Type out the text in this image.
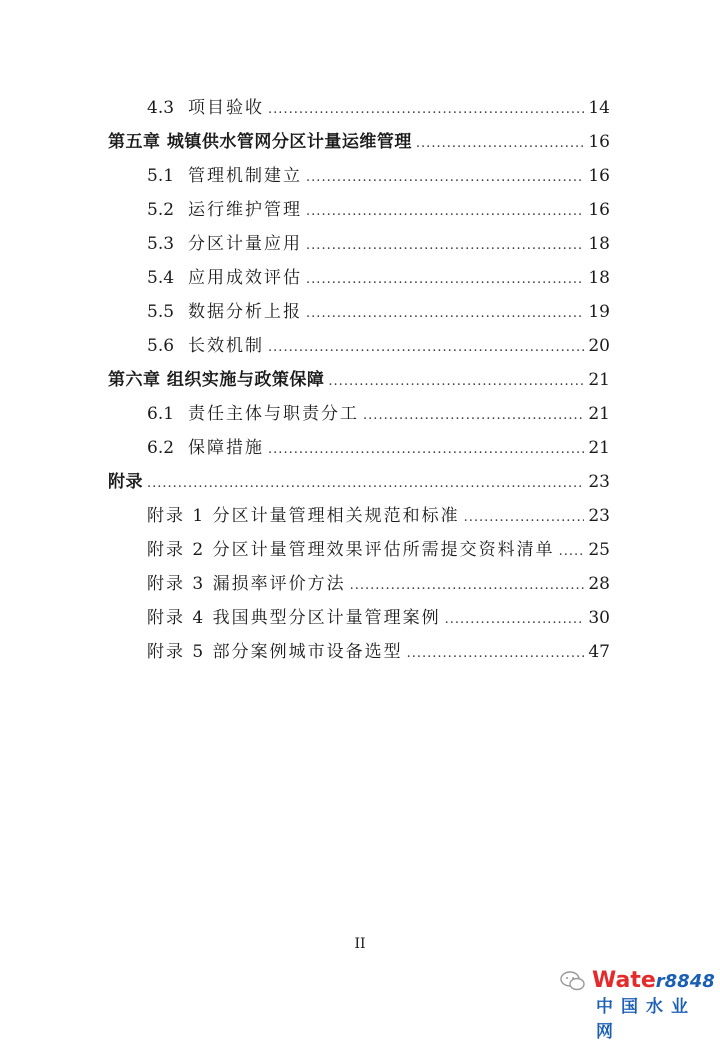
4.3 项目验收 .....	14
第五章 城镇供水管网分区计量运维管理 .....	16
5.1 管理机制建立 .....	16
5.2 运行维护管理 .....	16
5.3 分区计量应用 .....	18
5.4 应用成效评估 .....	18
5.5 数据分析上报 .....	19
5.6 长效机制 .....	20
第六章 组织实施与政策保障 .....	21
6.1 责任主体与职责分工 .....	21
6.2 保障措施 .....	21
附录 .....	23
附录 1 分区计量管理相关规范和标准 .....	23
附录 2 分区计量管理效果评估所需提交资料清单 ..... 25
附录 3 漏损率评价方法 .....	28
附录 4 我国典型分区计量管理案例 .....	30
附录 5 部分案例城市设备选型 .....	47
II
Water8848
中国水业网
